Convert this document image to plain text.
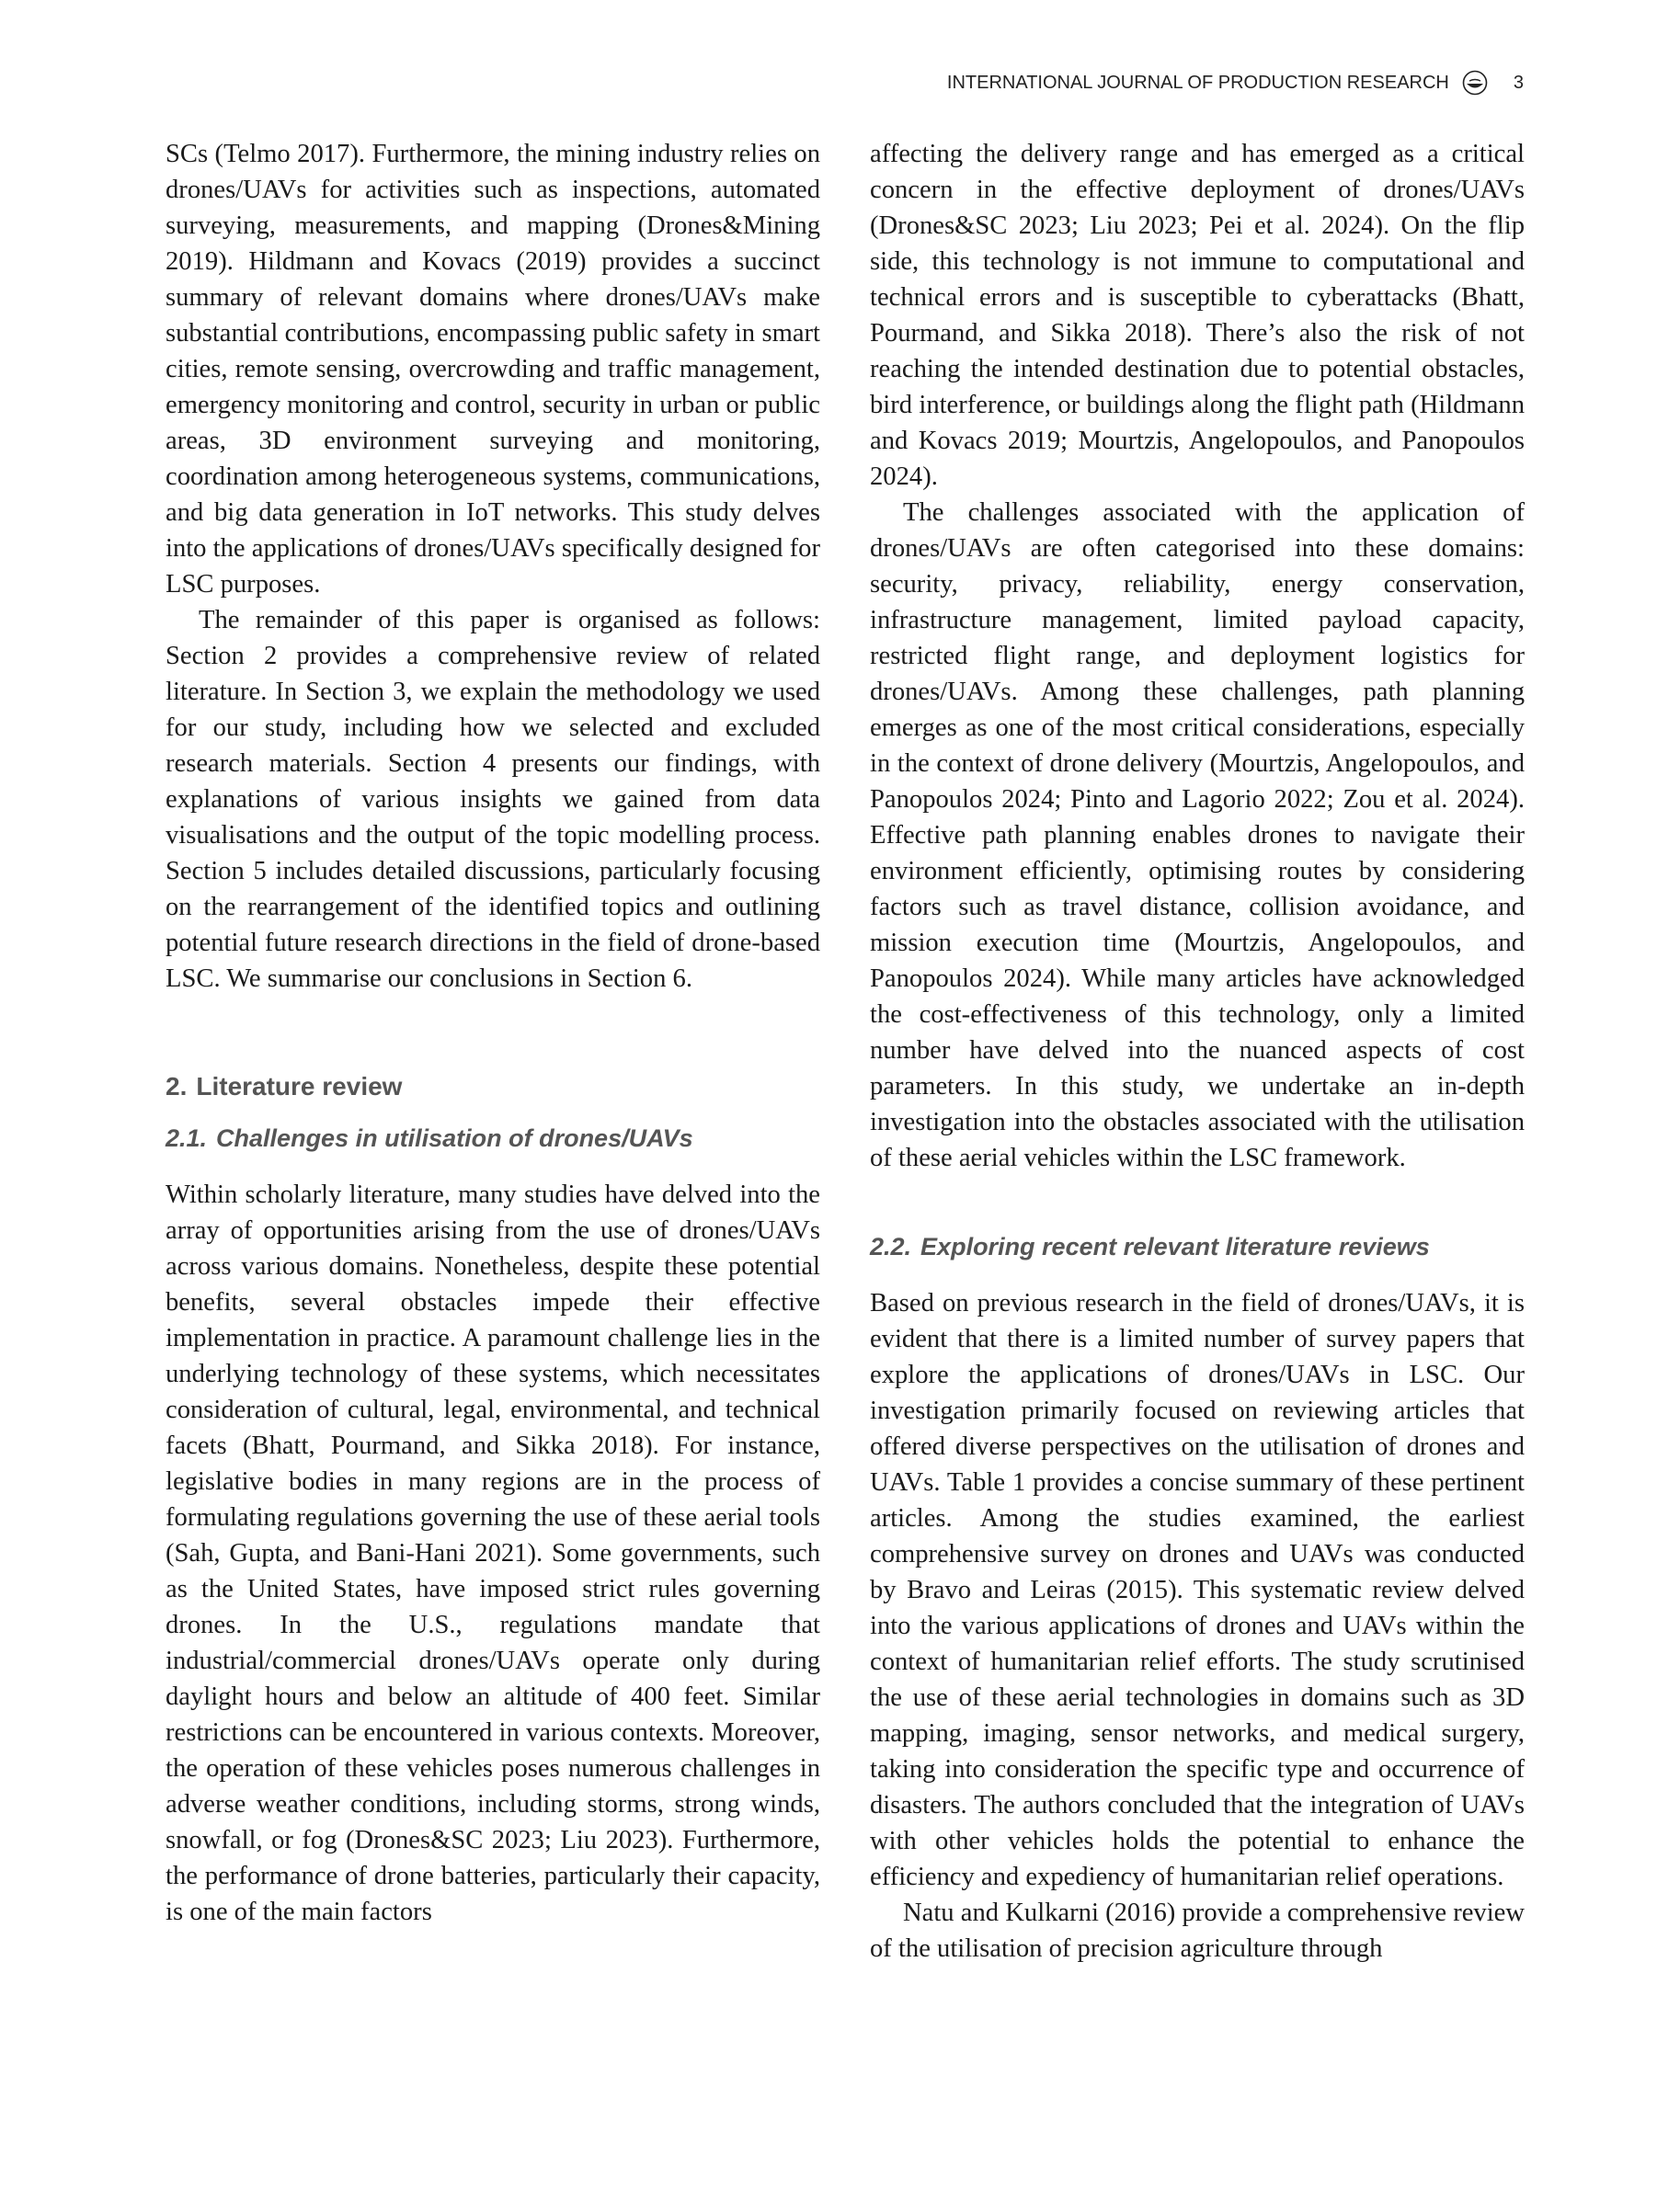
INTERNATIONAL JOURNAL OF PRODUCTION RESEARCH	3

SCs (Telmo 2017). Furthermore, the mining industry relies on drones/UAVs for activities such as inspections, automated surveying, measurements, and mapping (Drones&Mining 2019). Hildmann and Kovacs (2019) provides a succinct summary of relevant domains where drones/UAVs make substantial contributions, encompassing public safety in smart cities, remote sensing, overcrowding and traffic management, emergency monitoring and control, security in urban or public areas, 3D environment surveying and monitoring, coordination among heterogeneous systems, communications, and big data generation in IoT networks. This study delves into the applications of drones/UAVs specifically designed for LSC purposes.

The remainder of this paper is organised as follows: Section 2 provides a comprehensive review of related literature. In Section 3, we explain the methodology we used for our study, including how we selected and excluded research materials. Section 4 presents our findings, with explanations of various insights we gained from data visualisations and the output of the topic modelling process. Section 5 includes detailed discussions, particularly focusing on the rearrangement of the identified topics and outlining potential future research directions in the field of drone-based LSC. We summarise our conclusions in Section 6.

2. Literature review
2.1. Challenges in utilisation of drones/UAVs

Within scholarly literature, many studies have delved into the array of opportunities arising from the use of drones/UAVs across various domains. Nonetheless, despite these potential benefits, several obstacles impede their effective implementation in practice. A paramount challenge lies in the underlying technology of these systems, which necessitates consideration of cultural, legal, environmental, and technical facets (Bhatt, Pourmand, and Sikka 2018). For instance, legislative bodies in many regions are in the process of formulating regulations governing the use of these aerial tools (Sah, Gupta, and Bani-Hani 2021). Some governments, such as the United States, have imposed strict rules governing drones. In the U.S., regulations mandate that industrial/commercial drones/UAVs operate only during daylight hours and below an altitude of 400 feet. Similar restrictions can be encountered in various contexts. Moreover, the operation of these vehicles poses numerous challenges in adverse weather conditions, including storms, strong winds, snowfall, or fog (Drones&SC 2023; Liu 2023). Furthermore, the performance of drone batteries, particularly their capacity, is one of the main factors

affecting the delivery range and has emerged as a critical concern in the effective deployment of drones/UAVs (Drones&SC 2023; Liu 2023; Pei et al. 2024). On the flip side, this technology is not immune to computational and technical errors and is susceptible to cyberattacks (Bhatt, Pourmand, and Sikka 2018). There’s also the risk of not reaching the intended destination due to potential obstacles, bird interference, or buildings along the flight path (Hildmann and Kovacs 2019; Mourtzis, Angelopoulos, and Panopoulos 2024).

The challenges associated with the application of drones/UAVs are often categorised into these domains: security, privacy, reliability, energy conservation, infrastructure management, limited payload capacity, restricted flight range, and deployment logistics for drones/UAVs. Among these challenges, path planning emerges as one of the most critical considerations, especially in the context of drone delivery (Mourtzis, Angelopoulos, and Panopoulos 2024; Pinto and Lagorio 2022; Zou et al. 2024). Effective path planning enables drones to navigate their environment efficiently, optimising routes by considering factors such as travel distance, collision avoidance, and mission execution time (Mourtzis, Angelopoulos, and Panopoulos 2024). While many articles have acknowledged the cost-effectiveness of this technology, only a limited number have delved into the nuanced aspects of cost parameters. In this study, we undertake an in-depth investigation into the obstacles associated with the utilisation of these aerial vehicles within the LSC framework.

2.2. Exploring recent relevant literature reviews

Based on previous research in the field of drones/UAVs, it is evident that there is a limited number of survey papers that explore the applications of drones/UAVs in LSC. Our investigation primarily focused on reviewing articles that offered diverse perspectives on the utilisation of drones and UAVs. Table 1 provides a concise summary of these pertinent articles. Among the studies examined, the earliest comprehensive survey on drones and UAVs was conducted by Bravo and Leiras (2015). This systematic review delved into the various applications of drones and UAVs within the context of humanitarian relief efforts. The study scrutinised the use of these aerial technologies in domains such as 3D mapping, imaging, sensor networks, and medical surgery, taking into consideration the specific type and occurrence of disasters. The authors concluded that the integration of UAVs with other vehicles holds the potential to enhance the efficiency and expediency of humanitarian relief operations.

Natu and Kulkarni (2016) provide a comprehensive review of the utilisation of precision agriculture through
